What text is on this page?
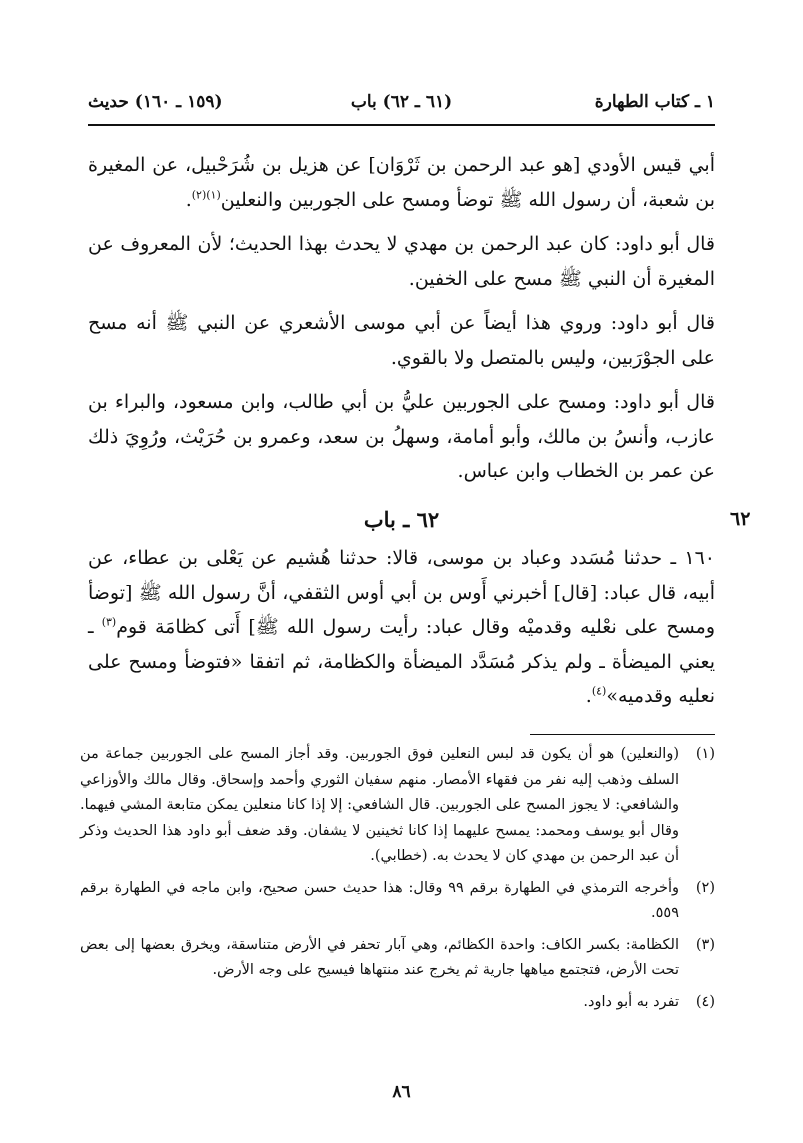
١ ـ كتاب الطهارة
(٦١ ـ ٦٢) باب
(١٥٩ ـ ١٦٠) حديث
٦٢

أبي قيس الأودي [هو عبد الرحمن بن ثَرْوَان] عن هزيل بن شُرَحْبيل، عن المغيرة بن شعبة، أن رسول الله ﷺ توضأ ومسح على الجوربين والنعلين$^{(١)(٢)}$.

قال أبو داود: كان عبد الرحمن بن مهدي لا يحدث بهذا الحديث؛ لأن المعروف عن المغيرة أن النبي ﷺ مسح على الخفين.

قال أبو داود: وروي هذا أيضاً عن أبي موسى الأشعري عن النبي ﷺ أنه مسح على الجوْرَبين، وليس بالمتصل ولا بالقوي.

قال أبو داود: ومسح على الجوربين عليُّ بن أبي طالب، وابن مسعود، والبراء بن عازب، وأنسُ بن مالك، وأبو أمامة، وسهلُ بن سعد، وعمرو بن حُرَيْث، ورُوِيَ ذلك عن عمر بن الخطاب وابن عباس.

٦٢ ـ باب

١٦٠ ـ حدثنا مُسَدد وعباد بن موسى، قالا: حدثنا هُشيم عن يَعْلى بن عطاء، عن أبيه، قال عباد: [قال] أخبرني أَوس بن أبي أوس الثقفي، أنَّ رسول الله ﷺ [توضأ ومسح على نعْليه وقدميْه وقال عباد: رأيت رسول الله ﷺ] أَتى كظامَة قوم$^{(٣)}$ ـ يعني الميضأة ـ ولم يذكر مُسَدَّد الميضأة والكظامة، ثم اتفقا «فتوضأ ومسح على نعليه وقدميه»$^{(٤)}$.

(١)
(والنعلين) هو أن يكون قد لبس النعلين فوق الجوربين. وقد أجاز المسح على الجوربين جماعة من السلف وذهب إليه نفر من فقهاء الأمصار. منهم سفيان الثوري وأحمد وإسحاق. وقال مالك والأوزاعي والشافعي: لا يجوز المسح على الجوربين. قال الشافعي: إلا إذا كانا منعلين يمكن متابعة المشي فيهما. وقال أبو يوسف ومحمد: يمسح عليهما إذا كانا ثخينين لا يشفان. وقد ضعف أبو داود هذا الحديث وذكر أن عبد الرحمن بن مهدي كان لا يحدث به. (خطابي).
(٢)
وأخرجه الترمذي في الطهارة برقم ٩٩ وقال: هذا حديث حسن صحيح، وابن ماجه في الطهارة برقم ٥٥٩.
(٣)
الكظامة: بكسر الكاف: واحدة الكظائم، وهي آبار تحفر في الأرض متناسقة، ويخرق بعضها إلى بعض تحت الأرض، فتجتمع مياهها جارية ثم يخرج عند منتهاها فيسيح على وجه الأرض.
(٤)
تفرد به أبو داود.
٨٦
